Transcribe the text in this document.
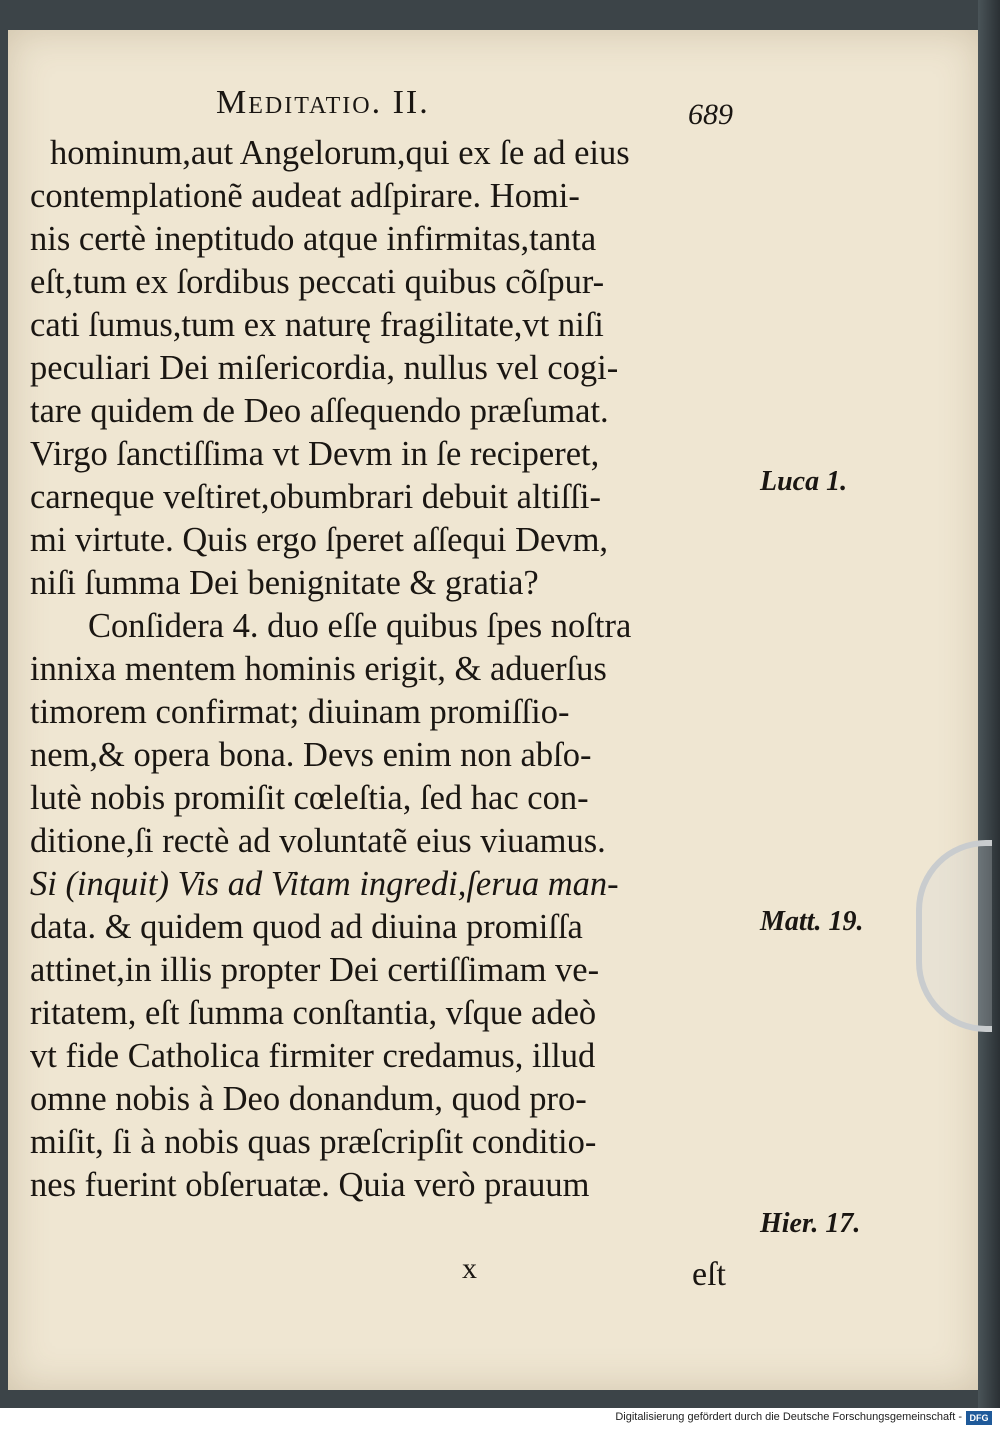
Meditatio. II.	689
hominum,aut Angelorum,qui ex ſe ad eius
contemplationẽ audeat adſpirare. Homi-
nis certè ineptitudo atque infirmitas,tanta
eſt,tum ex ſordibus peccati quibus cõſpur-
cati ſumus,tum ex naturę fragilitate,vt niſi
peculiari Dei miſericordia, nullus vel cogi-
tare quidem de Deo aſſequendo præſumat.
Virgo ſanctiſſima vt Devm in ſe reciperet,
carneque veſtiret,obumbrari debuit altiſſi-
mi virtute. Quis ergo ſperet aſſequi Devm,
niſi ſumma Dei benignitate & gratia?
Conſidera 4. duo eſſe quibus ſpes noſtra
innixa mentem hominis erigit, & aduerſus
timorem confirmat; diuinam promiſſio-
nem,& opera bona. Devs enim non abſo-
lutè nobis promiſit cœleſtia, ſed hac con-
ditione,ſi rectè ad voluntatẽ eius viuamus.
Si (inquit) Vis ad Vitam ingredi,ſerua man-
data. & quidem quod ad diuina promiſſa
attinet,in illis propter Dei certiſſimam ve-
ritatem, eſt ſumma conſtantia, vſque adeò
vt fide Catholica firmiter credamus, illud
omne nobis à Deo donandum, quod pro-
miſit, ſi à nobis quas præſcripſit conditio-
nes fuerint obſeruatæ. Quia verò prauum
Luca 1.
Matt. 19.
Hier. 17.
x	eſt
Digitalisierung gefördert durch die Deutsche Forschungsgemeinschaft - DFG
